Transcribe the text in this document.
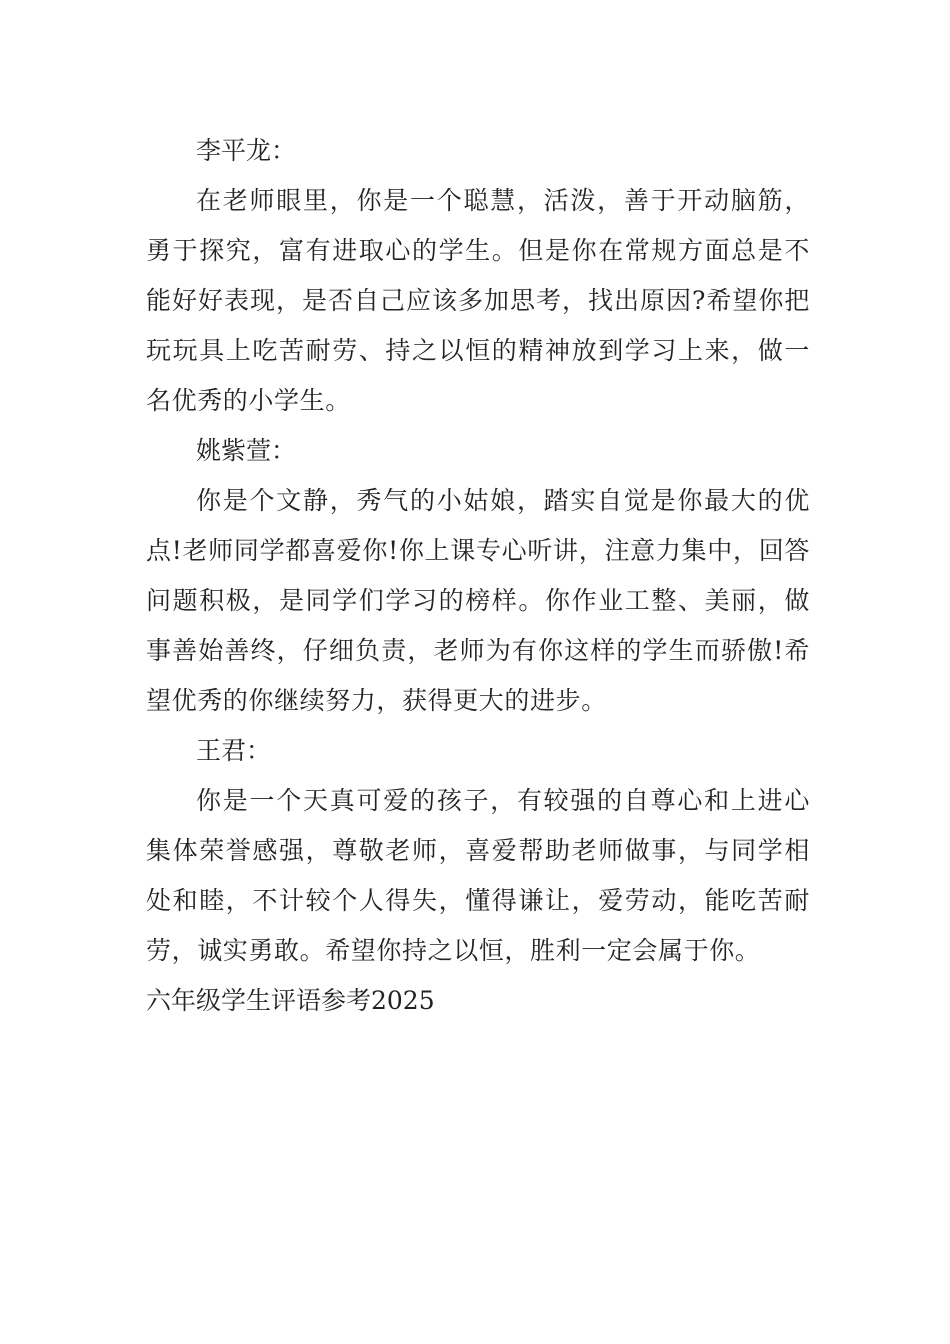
李平龙：

在老师眼里，你是一个聪慧，活泼，善于开动脑筋，勇于探究，富有进取心的学生。但是你在常规方面总是不能好好表现，是否自己应该多加思考，找出原因?希望你把玩玩具上吃苦耐劳、持之以恒的精神放到学习上来，做一名优秀的小学生。

姚紫萱：

你是个文静，秀气的小姑娘，踏实自觉是你最大的优点!老师同学都喜爱你!你上课专心听讲，注意力集中，回答问题积极，是同学们学习的榜样。你作业工整、美丽，做事善始善终，仔细负责，老师为有你这样的学生而骄傲!希望优秀的你继续努力，获得更大的进步。

王君：

你是一个天真可爱的孩子，有较强的自尊心和上进心集体荣誉感强，尊敬老师，喜爱帮助老师做事，与同学相处和睦，不计较个人得失，懂得谦让，爱劳动，能吃苦耐劳，诚实勇敢。希望你持之以恒，胜利一定会属于你。

六年级学生评语参考2025
